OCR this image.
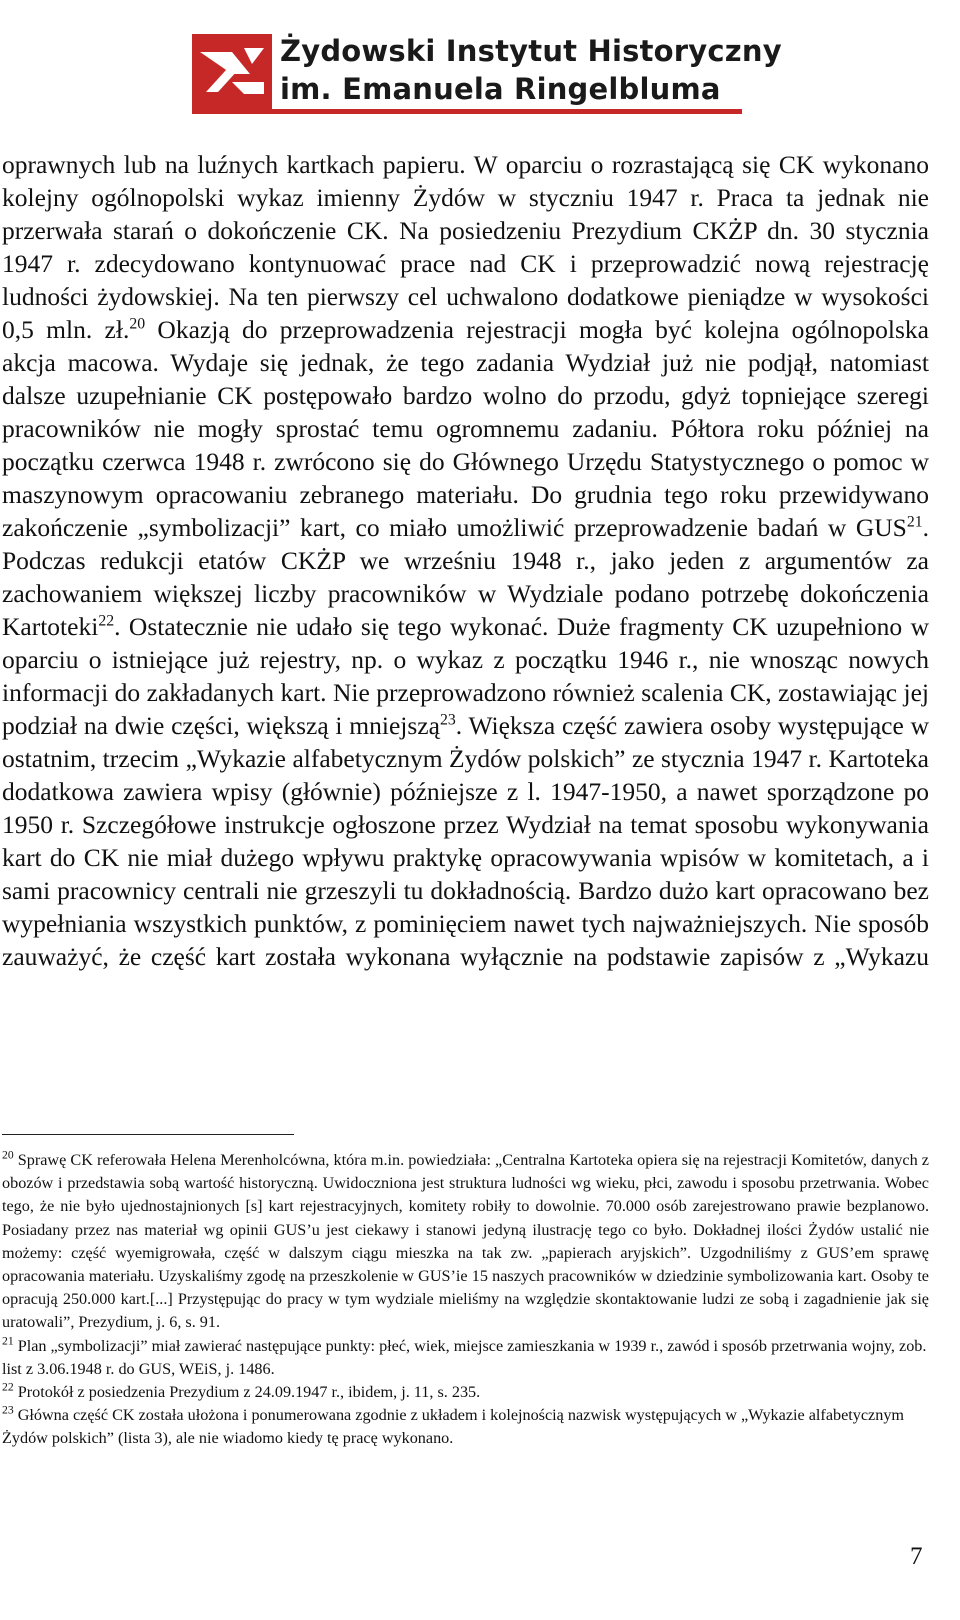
Żydowski Instytut Historyczny
im. Emanuela Ringelbluma

oprawnych lub na luźnych kartkach papieru. W oparciu o rozrastającą się CK wykonano kolejny ogólnopolski wykaz imienny Żydów w styczniu 1947 r. Praca ta jednak nie przerwała starań o dokończenie CK. Na posiedzeniu Prezydium CKŻP dn. 30 stycznia 1947 r. zdecydowano kontynuować prace nad CK i przeprowadzić nową rejestrację ludności żydowskiej. Na ten pierwszy cel uchwalono dodatkowe pieniądze w wysokości 0,5 mln. zł.$^{20}$ Okazją do przeprowadzenia rejestracji mogła być kolejna ogólnopolska akcja macowa. Wydaje się jednak, że tego zadania Wydział już nie podjął, natomiast dalsze uzupełnianie CK postępowało bardzo wolno do przodu, gdyż topniejące szeregi pracowników nie mogły sprostać temu ogromnemu zadaniu. Półtora roku później na początku czerwca 1948 r. zwrócono się do Głównego Urzędu Statystycznego o pomoc w maszynowym opracowaniu zebranego materiału. Do grudnia tego roku przewidywano zakończenie „symbolizacji” kart, co miało umożliwić przeprowadzenie badań w GUS$^{21}$. Podczas redukcji etatów CKŻP we wrześniu 1948 r., jako jeden z argumentów za zachowaniem większej liczby pracowników w Wydziale podano potrzebę dokończenia Kartoteki$^{22}$. Ostatecznie nie udało się tego wykonać. Duże fragmenty CK uzupełniono w oparciu o istniejące już rejestry, np. o wykaz z początku 1946 r., nie wnosząc nowych informacji do zakładanych kart. Nie przeprowadzono również scalenia CK, zostawiając jej podział na dwie części, większą i mniejszą$^{23}$. Większa część zawiera osoby występujące w ostatnim, trzecim „Wykazie alfabetycznym Żydów polskich” ze stycznia 1947 r. Kartoteka dodatkowa zawiera wpisy (głównie) późniejsze z l. 1947-1950, a nawet sporządzone po 1950 r. Szczegółowe instrukcje ogłoszone przez Wydział na temat sposobu wykonywania kart do CK nie miał dużego wpływu praktykę opracowywania wpisów w komitetach, a i sami pracownicy centrali nie grzeszyli tu dokładnością. Bardzo dużo kart opracowano bez wypełniania wszystkich punktów, z pominięciem nawet tych najważniejszych. Nie sposób zauważyć, że część kart została wykonana wyłącznie na podstawie zapisów z „Wykazu

$^{20}$ Sprawę CK referowała Helena Merenholcówna, która m.in. powiedziała: „Centralna Kartoteka opiera się na rejestracji Komitetów, danych z obozów i przedstawia sobą wartość historyczną. Uwidoczniona jest struktura ludności wg wieku, płci, zawodu i sposobu przetrwania. Wobec tego, że nie było ujednostajnionych [s] kart rejestracyjnych, komitety robiły to dowolnie. 70.000 osób zarejestrowano prawie bezplanowo. Posiadany przez nas materiał wg opinii GUS’u jest ciekawy i stanowi jedyną ilustrację tego co było. Dokładnej ilości Żydów ustalić nie możemy: część wyemigrowała, część w dalszym ciągu mieszka na tak zw. „papierach aryjskich”. Uzgodniliśmy z GUS’em sprawę opracowania materiału. Uzyskaliśmy zgodę na przeszkolenie w GUS’ie 15 naszych pracowników w dziedzinie symbolizowania kart. Osoby te opracują 250.000 kart.[...] Przystępując do pracy w tym wydziale mieliśmy na względzie skontaktowanie ludzi ze sobą i zagadnienie jak się uratowali”, Prezydium, j. 6, s. 91.
$^{21}$ Plan „symbolizacji” miał zawierać następujące punkty: płeć, wiek, miejsce zamieszkania w 1939 r., zawód i sposób przetrwania wojny, zob. list z 3.06.1948 r. do GUS, WEiS, j. 1486.
$^{22}$ Protokół z posiedzenia Prezydium z 24.09.1947 r., ibidem, j. 11, s. 235.
$^{23}$ Główna część CK została ułożona i ponumerowana zgodnie z układem i kolejnością nazwisk występujących w „Wykazie alfabetycznym Żydów polskich” (lista 3), ale nie wiadomo kiedy tę pracę wykonano.
7
